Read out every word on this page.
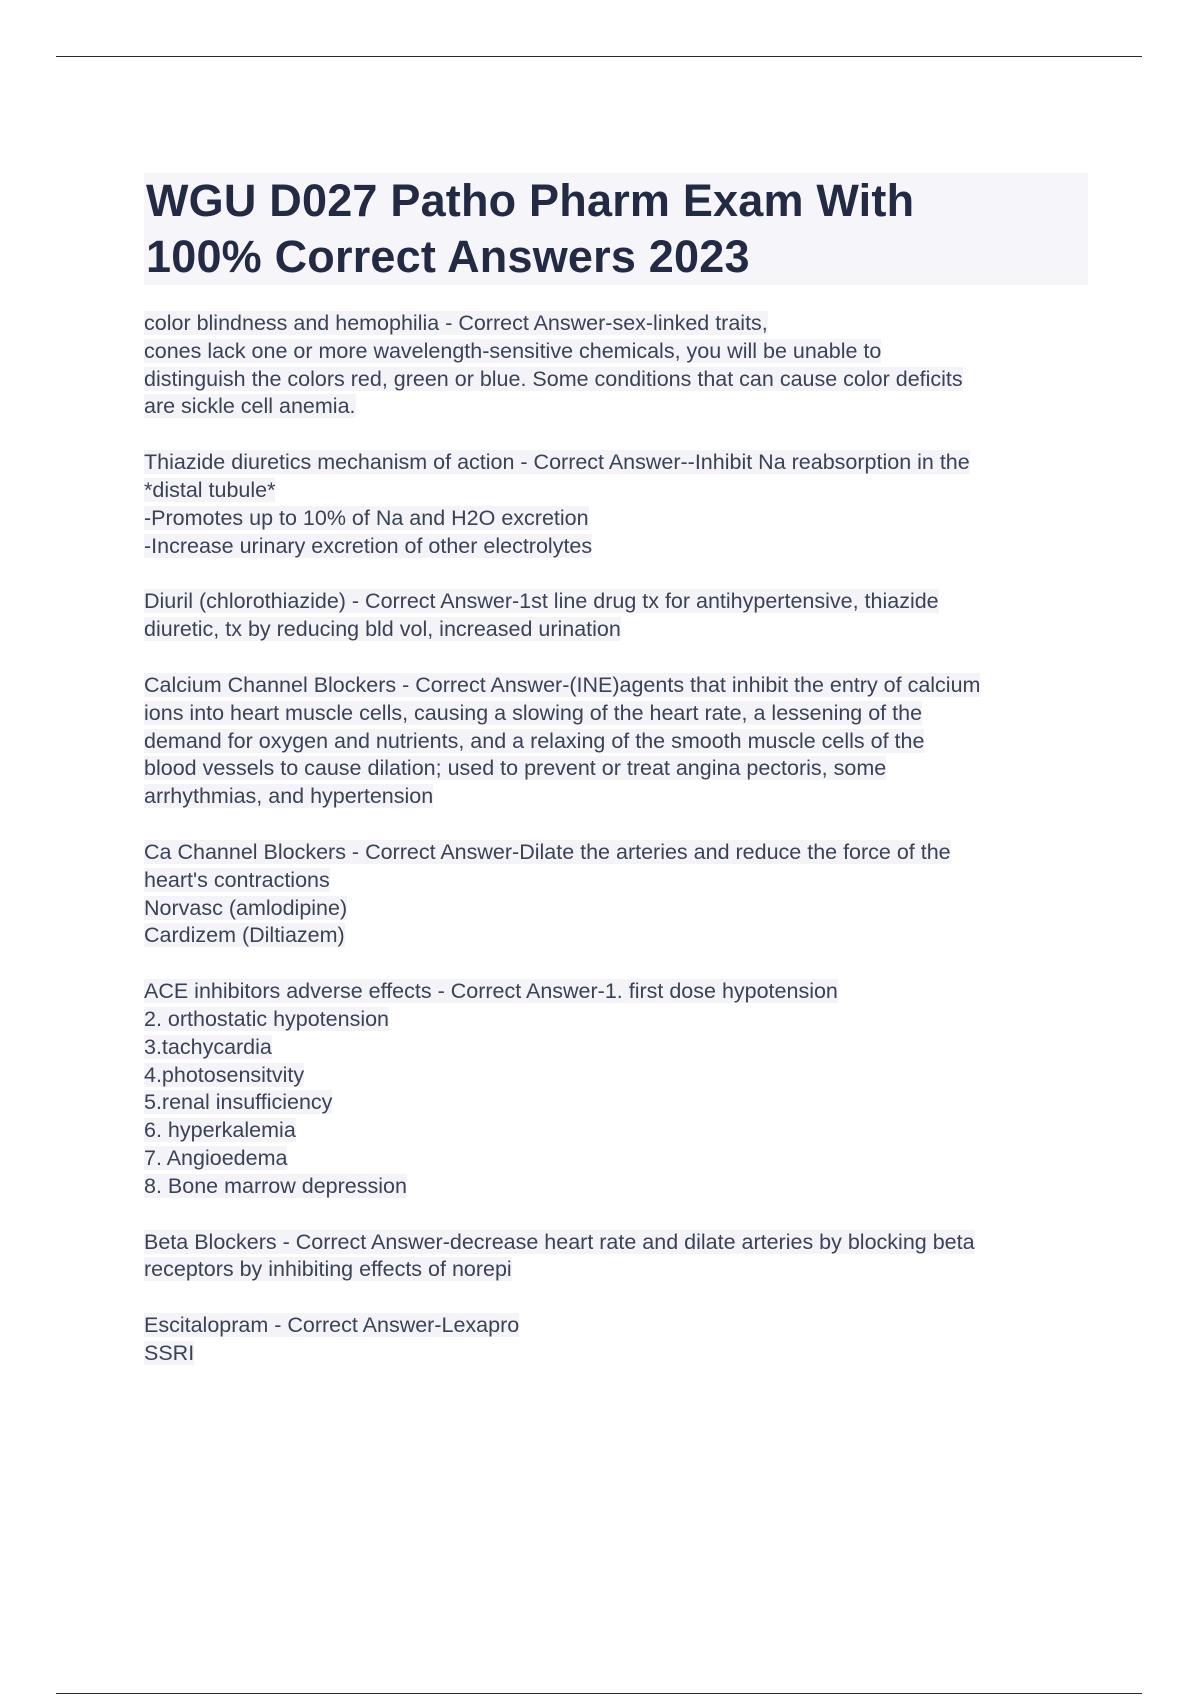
WGU D027 Patho Pharm Exam With
100% Correct Answers 2023
color blindness and hemophilia - Correct Answer-sex-linked traits,
cones lack one or more wavelength-sensitive chemicals, you will be unable to
distinguish the colors red, green or blue. Some conditions that can cause color deficits
are sickle cell anemia.
Thiazide diuretics mechanism of action - Correct Answer--Inhibit Na reabsorption in the
*distal tubule*
-Promotes up to 10% of Na and H2O excretion
-Increase urinary excretion of other electrolytes
Diuril (chlorothiazide) - Correct Answer-1st line drug tx for antihypertensive, thiazide
diuretic, tx by reducing bld vol, increased urination
Calcium Channel Blockers - Correct Answer-(INE)agents that inhibit the entry of calcium
ions into heart muscle cells, causing a slowing of the heart rate, a lessening of the
demand for oxygen and nutrients, and a relaxing of the smooth muscle cells of the
blood vessels to cause dilation; used to prevent or treat angina pectoris, some
arrhythmias, and hypertension
Ca Channel Blockers - Correct Answer-Dilate the arteries and reduce the force of the
heart's contractions
Norvasc (amlodipine)
Cardizem (Diltiazem)
ACE inhibitors adverse effects - Correct Answer-1. first dose hypotension
2. orthostatic hypotension
3.tachycardia
4.photosensitvity
5.renal insufficiency
6. hyperkalemia
7. Angioedema
8. Bone marrow depression
Beta Blockers - Correct Answer-decrease heart rate and dilate arteries by blocking beta
receptors by inhibiting effects of norepi
Escitalopram - Correct Answer-Lexapro
SSRI
